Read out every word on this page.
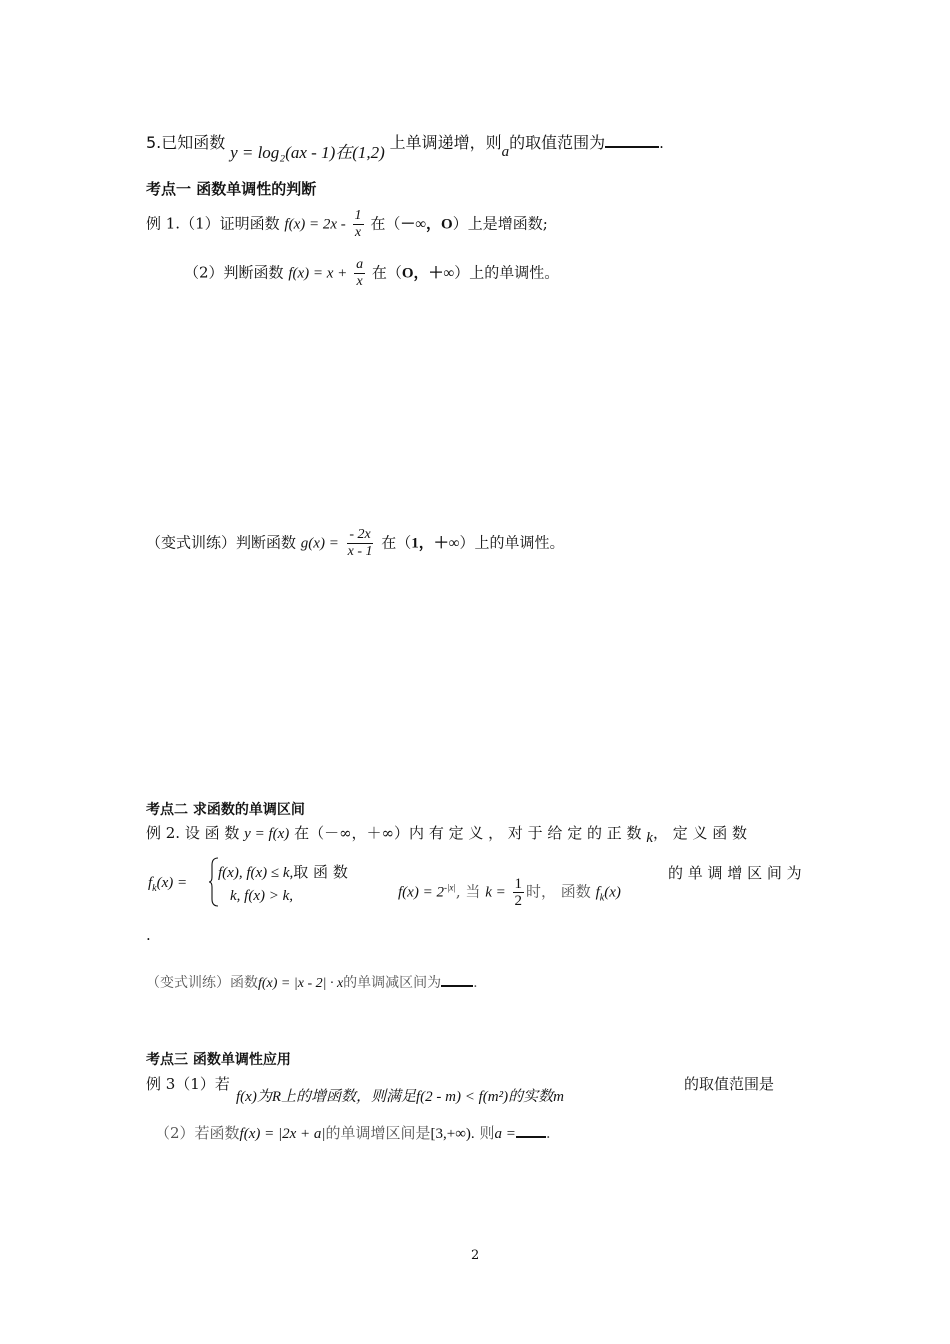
5.已知函数 y = log₂(ax - 1)在(1,2) 上单调递增，则a的取值范围为	.
考点一 函数单调性的判断
例 1.（1）证明函数 $f(x) = 2x - \frac{1}{x}$ 在（－∞，O）上是增函数;
（2）判断函数 $f(x) = x + \frac{a}{x}$ 在（O，＋∞）上的单调性。
（变式训练）判断函数 $g(x) = \frac{- 2x}{x - 1}$ 在（1，＋∞）上的单调性。
考点二 求函数的单调区间
例 2. 设 函 数 y = f(x) 在（－∞，＋∞）内 有 定 义 ， 对 于 给 定 的 正 数 k， 定 义 函 数
$f_k(x)$ =
f(x), f(x) ≤ k,取 函 数
k, f(x) > k,	$f(x) = 2^{-|x|}$, 当 $k = \frac{1}{2}$ 时， 函数 $f_k(x)$
的 单 调 增 区 间 为
.
（变式训练）函数f(x) = |x - 2| · x的单调减区间为 .
考点三 函数单调性应用
例 3（1）若
f(x)为R上的增函数，则满足f(2 - m) < f(m²)的实数m
的取值范围是
（2）若函数f(x) = |2x + a|的单调增区间是[3,+∞). 则a = .
2
